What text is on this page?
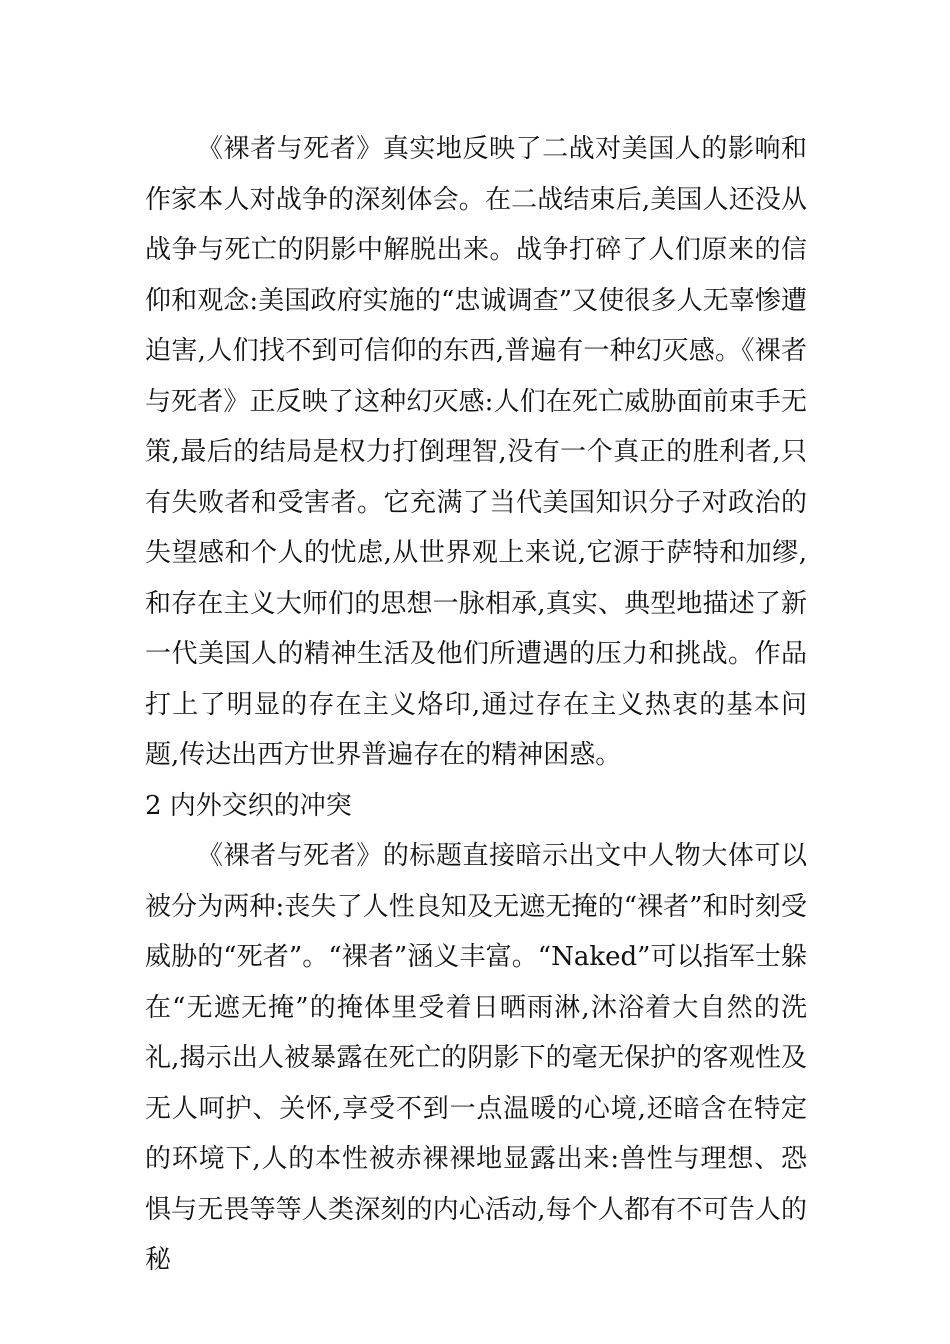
《裸者与死者》真实地反映了二战对美国人的影响和作家本人对战争的深刻体会。在二战结束后,美国人还没从战争与死亡的阴影中解脱出来。战争打碎了人们原来的信仰和观念:美国政府实施的“忠诚调查”又使很多人无辜惨遭迫害,人们找不到可信仰的东西,普遍有一种幻灭感。《裸者与死者》正反映了这种幻灭感:人们在死亡威胁面前束手无策,最后的结局是权力打倒理智,没有一个真正的胜利者,只有失败者和受害者。它充满了当代美国知识分子对政治的失望感和个人的忧虑,从世界观上来说,它源于萨特和加缪,和存在主义大师们的思想一脉相承,真实、典型地描述了新一代美国人的精神生活及他们所遭遇的压力和挑战。作品打上了明显的存在主义烙印,通过存在主义热衷的基本问题,传达出西方世界普遍存在的精神困惑。

2 内外交织的冲突

《裸者与死者》的标题直接暗示出文中人物大体可以被分为两种:丧失了人性良知及无遮无掩的“裸者”和时刻受威胁的“死者”。“裸者”涵义丰富。“Naked”可以指军士躲在“无遮无掩”的掩体里受着日晒雨淋,沐浴着大自然的洗礼,揭示出人被暴露在死亡的阴影下的毫无保护的客观性及无人呵护、关怀,享受不到一点温暖的心境,还暗含在特定的环境下,人的本性被赤裸裸地显露出来:兽性与理想、恐惧与无畏等等人类深刻的内心活动,每个人都有不可告人的秘
